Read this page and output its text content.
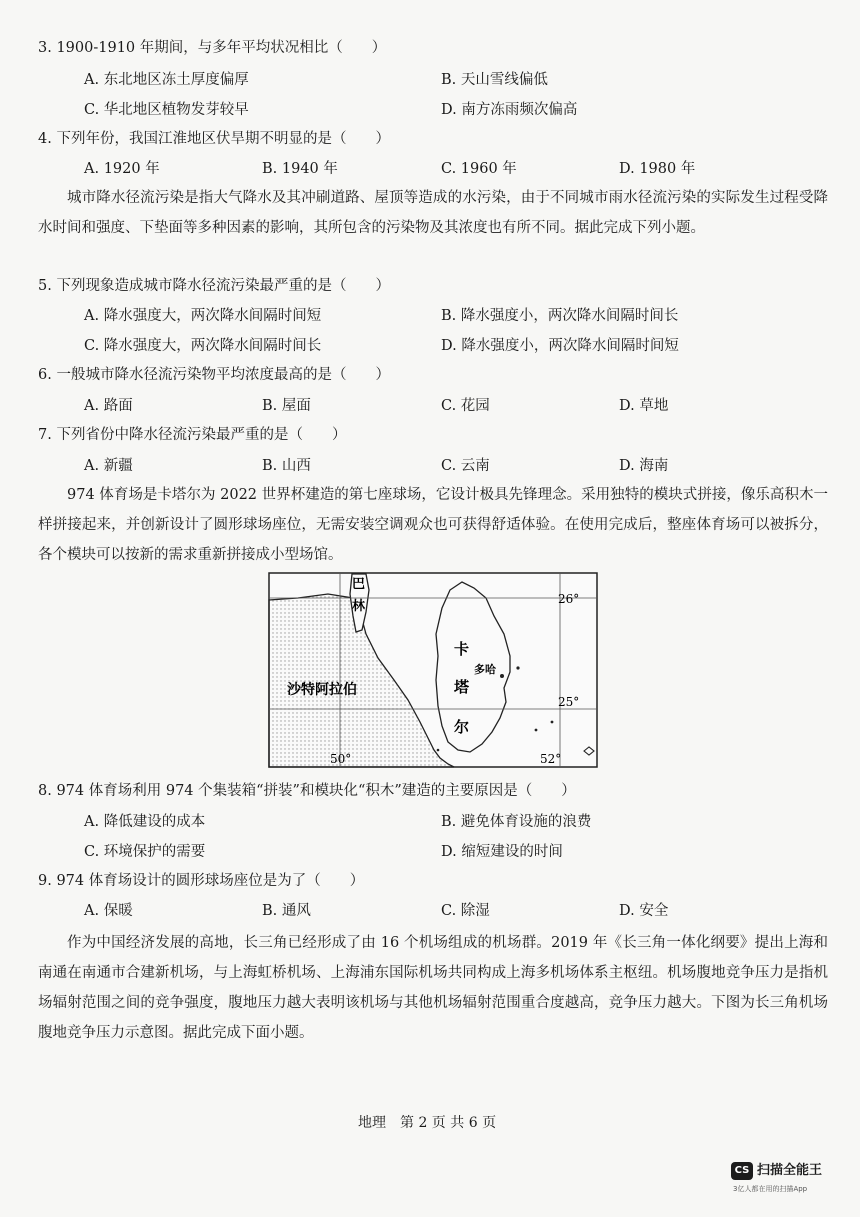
3. 1900-1910 年期间，与多年平均状况相比（　　）
A. 东北地区冻土厚度偏厚	B. 天山雪线偏低
C. 华北地区植物发芽较早	D. 南方冻雨频次偏高
4. 下列年份，我国江淮地区伏旱期不明显的是（　　）
A. 1920 年	B. 1940 年	C. 1960 年	D. 1980 年
城市降水径流污染是指大气降水及其冲刷道路、屋顶等造成的水污染，由于不同城市雨水径流污染的实际发生过程受降水时间和强度、下垫面等多种因素的影响，其所包含的污染物及其浓度也有所不同。据此完成下列小题。
5. 下列现象造成城市降水径流污染最严重的是（　　）
A. 降水强度大，两次降水间隔时间短	B. 降水强度小，两次降水间隔时间长
C. 降水强度大，两次降水间隔时间长	D. 降水强度小，两次降水间隔时间短
6. 一般城市降水径流污染物平均浓度最高的是（　　）
A. 路面	B. 屋面	C. 花园	D. 草地
7. 下列省份中降水径流污染最严重的是（　　）
A. 新疆	B. 山西	C. 云南	D. 海南
974 体育场是卡塔尔为 2022 世界杯建造的第七座球场，它设计极具先锋理念。采用独特的模块式拼接，像乐高积木一样拼接起来，并创新设计了圆形球场座位，无需安装空调观众也可获得舒适体验。在使用完成后，整座体育场可以被拆分，各个模块可以按新的需求重新拼接成小型场馆。
26°
25°
50°	52°
沙特阿拉伯
巴
林
卡
塔
尔
多哈
8. 974 体育场利用 974 个集装箱“拼装”和模块化“积木”建造的主要原因是（　　）
A. 降低建设的成本	B. 避免体育设施的浪费
C. 环境保护的需要	D. 缩短建设的时间
9. 974 体育场设计的圆形球场座位是为了（　　）
A. 保暖	B. 通风	C. 除湿	D. 安全
作为中国经济发展的高地，长三角已经形成了由 16 个机场组成的机场群。2019 年《长三角一体化纲要》提出上海和南通在南通市合建新机场，与上海虹桥机场、上海浦东国际机场共同构成上海多机场体系主枢纽。机场腹地竞争压力是指机场辐射范围之间的竞争强度，腹地压力越大表明该机场与其他机场辐射范围重合度越高，竞争压力越大。下图为长三角机场腹地竞争压力示意图。据此完成下面小题。
地理　第 2 页 共 6 页
CS 扫描全能王
3亿人都在用的扫描App
